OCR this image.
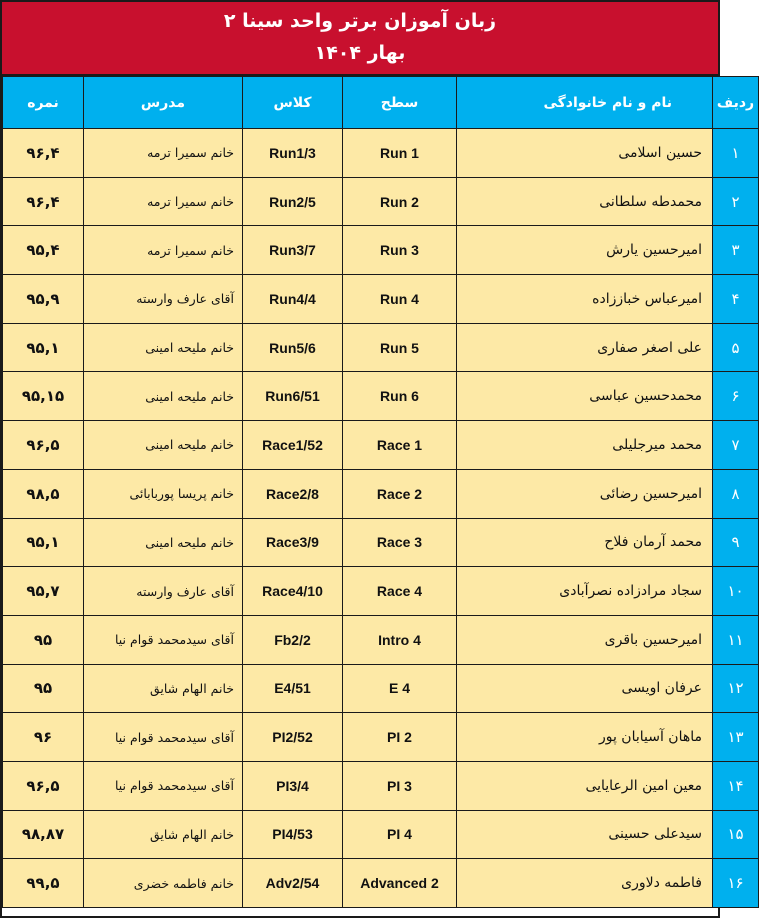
زبان آموزان برتر واحد سینا ۲
بهار ۱۴۰۴
ردیف	نام و نام خانوادگی	سطح	کلاس	مدرس	نمره
۱	حسین اسلامی	Run 1	Run1/3	خانم سمیرا ترمه	۹۶,۴
۲	محمدطه سلطانی	Run 2	Run2/5	خانم سمیرا ترمه	۹۶,۴
۳	امیرحسین یارش	Run 3	Run3/7	خانم سمیرا ترمه	۹۵,۴
۴	امیرعباس خباززاده	Run 4	Run4/4	آقای عارف وارسته	۹۵,۹
۵	علی اصغر صفاری	Run 5	Run5/6	خانم ملیحه امینی	۹۵,۱
۶	محمدحسین عباسی	Run 6	Run6/51	خانم ملیحه امینی	۹۵,۱۵
۷	محمد میرجلیلی	Race 1	Race1/52	خانم ملیحه امینی	۹۶,۵
۸	امیرحسین رضائی	Race 2	Race2/8	خانم پریسا پوربابائی	۹۸,۵
۹	محمد آرمان فلاح	Race 3	Race3/9	خانم ملیحه امینی	۹۵,۱
۱۰	سجاد مرادزاده نصرآبادی	Race 4	Race4/10	آقای عارف وارسته	۹۵,۷
۱۱	امیرحسین باقری	Intro 4	Fb2/2	آقای سیدمحمد قوام نیا	۹۵
۱۲	عرفان اویسی	E 4	E4/51	خانم الهام شایق	۹۵
۱۳	ماهان آسیابان پور	PI 2	PI2/52	آقای سیدمحمد قوام نیا	۹۶
۱۴	معین امین الرعایایی	PI 3	PI3/4	آقای سیدمحمد قوام نیا	۹۶,۵
۱۵	سیدعلی حسینی	PI 4	PI4/53	خانم الهام شایق	۹۸,۸۷
۱۶	فاطمه دلاوری	Advanced 2	Adv2/54	خانم فاطمه خضری	۹۹,۵
